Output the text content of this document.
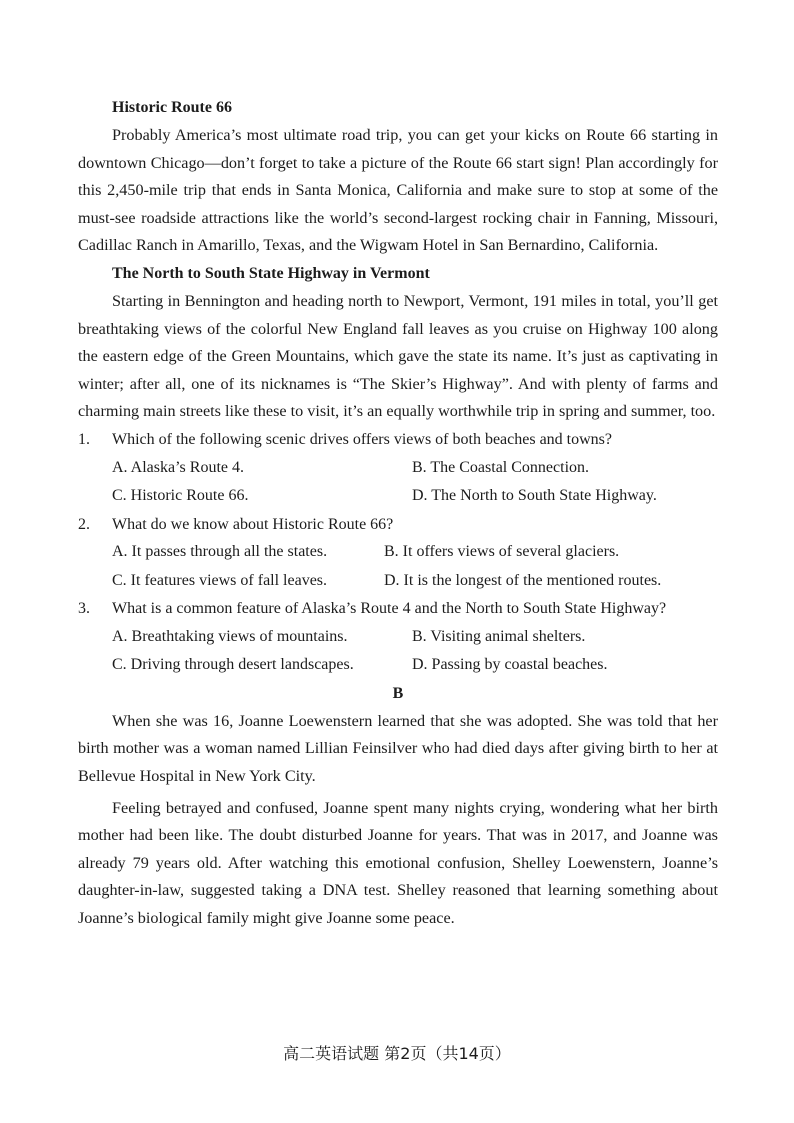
Historic Route 66

Probably America’s most ultimate road trip, you can get your kicks on Route 66 starting in downtown Chicago—don’t forget to take a picture of the Route 66 start sign! Plan accordingly for this 2,450-mile trip that ends in Santa Monica, California and make sure to stop at some of the must-see roadside attractions like the world’s second-largest rocking chair in Fanning, Missouri, Cadillac Ranch in Amarillo, Texas, and the Wigwam Hotel in San Bernardino, California.

The North to South State Highway in Vermont

Starting in Bennington and heading north to Newport, Vermont, 191 miles in total, you’ll get breathtaking views of the colorful New England fall leaves as you cruise on Highway 100 along the eastern edge of the Green Mountains, which gave the state its name. It’s just as captivating in winter; after all, one of its nicknames is “The Skier’s Highway”. And with plenty of farms and charming main streets like these to visit, it’s an equally worthwhile trip in spring and summer, too.

1. Which of the following scenic drives offers views of both beaches and towns?

A. Alaska’s Route 4.	B. The Coastal Connection.
C. Historic Route 66.	D. The North to South State Highway.

2. What do we know about Historic Route 66?

A. It passes through all the states.	B. It offers views of several glaciers.
C. It features views of fall leaves.	D. It is the longest of the mentioned routes.

3. What is a common feature of Alaska’s Route 4 and the North to South State Highway?

A. Breathtaking views of mountains.	B. Visiting animal shelters.
C. Driving through desert landscapes.	D. Passing by coastal beaches.

B

When she was 16, Joanne Loewenstern learned that she was adopted. She was told that her birth mother was a woman named Lillian Feinsilver who had died days after giving birth to her at Bellevue Hospital in New York City.

Feeling betrayed and confused, Joanne spent many nights crying, wondering what her birth mother had been like. The doubt disturbed Joanne for years. That was in 2017, and Joanne was already 79 years old. After watching this emotional confusion, Shelley Loewenstern, Joanne’s daughter-in-law, suggested taking a DNA test. Shelley reasoned that learning something about Joanne’s biological family might give Joanne some peace.

高二英语试题 第2页（共14页）
